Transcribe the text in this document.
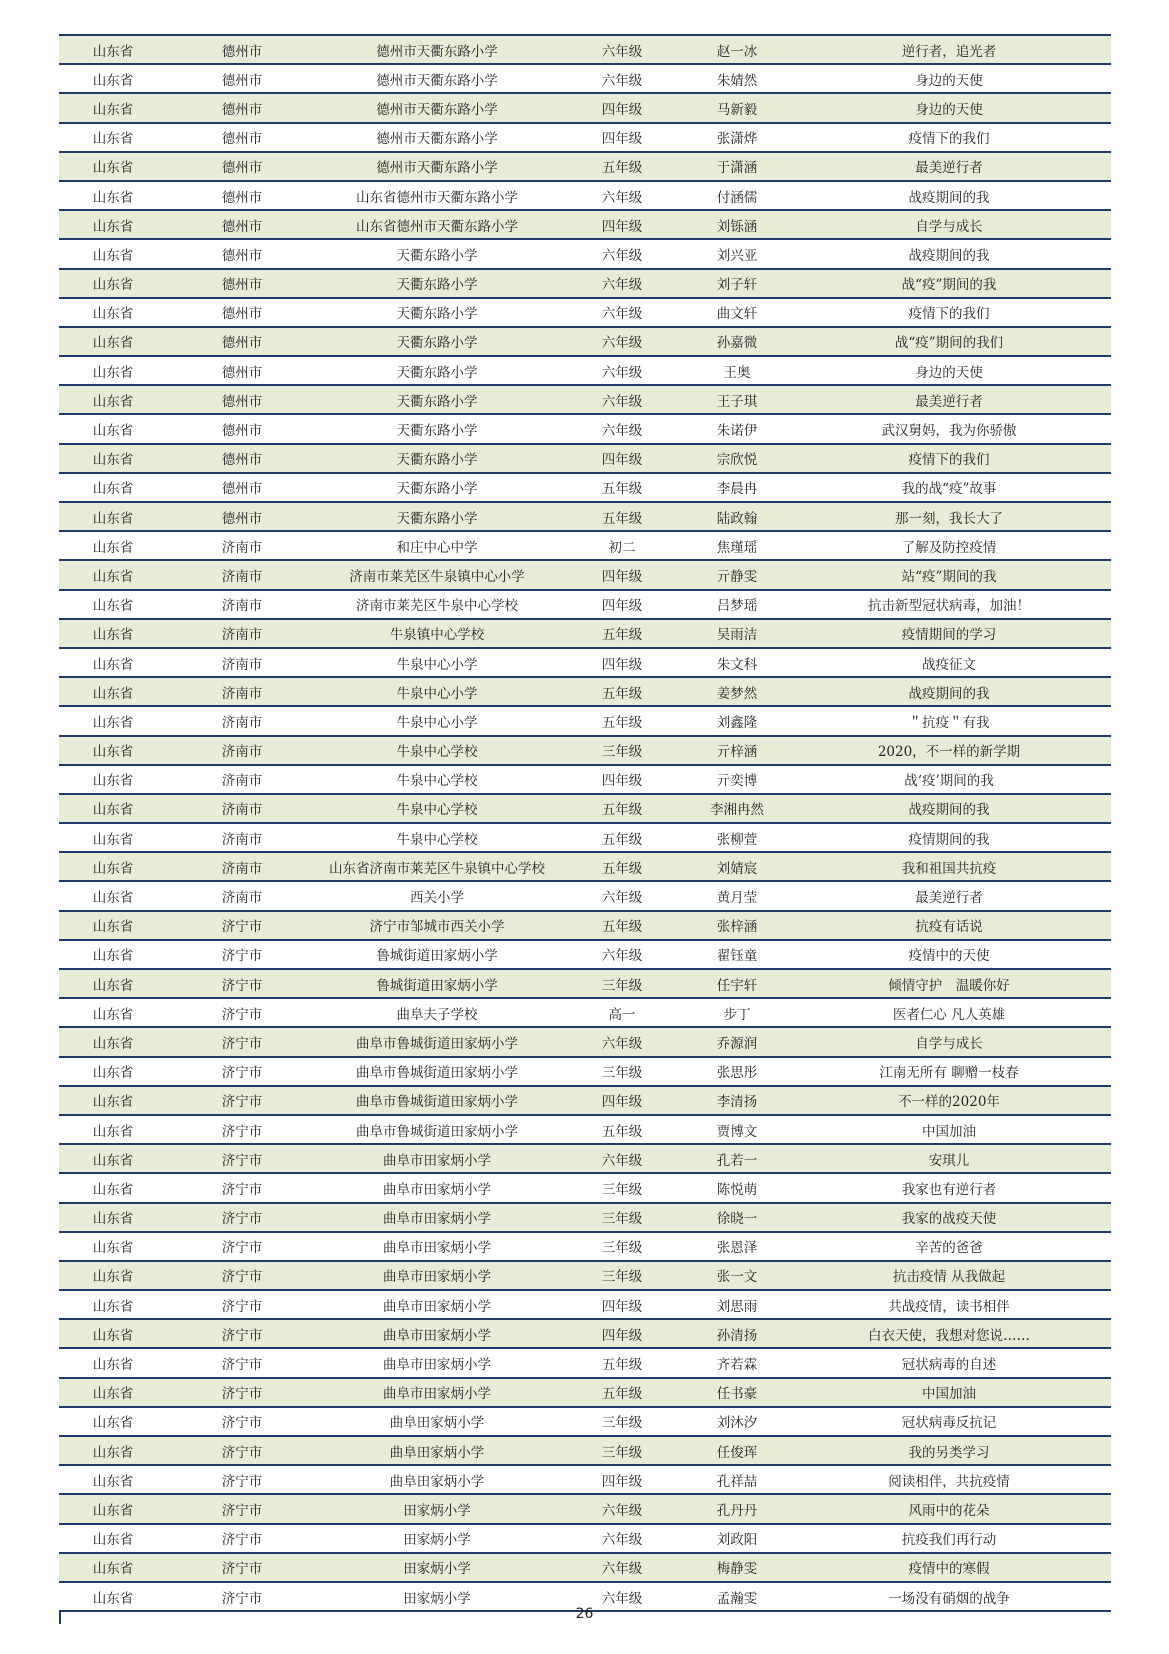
山东省	德州市	德州市天衢东路小学	六年级	赵一冰	逆行者，追光者
山东省	德州市	德州市天衢东路小学	六年级	朱婧然	身边的天使
山东省	德州市	德州市天衢东路小学	四年级	马新毅	身边的天使
山东省	德州市	德州市天衢东路小学	四年级	张潇烨	疫情下的我们
山东省	德州市	德州市天衢东路小学	五年级	于潇涵	最美逆行者
山东省	德州市	山东省德州市天衢东路小学	六年级	付涵儒	战疫期间的我
山东省	德州市	山东省德州市天衢东路小学	四年级	刘铄涵	自学与成长
山东省	德州市	天衢东路小学	六年级	刘兴亚	战疫期间的我
山东省	德州市	天衢东路小学	六年级	刘子轩	战“疫”期间的我
山东省	德州市	天衢东路小学	六年级	曲文轩	疫情下的我们
山东省	德州市	天衢东路小学	六年级	孙嘉微	战“疫”期间的我们
山东省	德州市	天衢东路小学	六年级	王奥	身边的天使
山东省	德州市	天衢东路小学	六年级	王子琪	最美逆行者
山东省	德州市	天衢东路小学	六年级	朱诺伊	武汉舅妈，我为你骄傲
山东省	德州市	天衢东路小学	四年级	宗欣悦	疫情下的我们
山东省	德州市	天衢东路小学	五年级	李晨冉	我的战“疫”故事
山东省	德州市	天衢东路小学	五年级	陆政翰	那一刻，我长大了
山东省	济南市	和庄中心中学	初二	焦瑾瑶	了解及防控疫情
山东省	济南市	济南市莱芜区牛泉镇中心小学	四年级	亓静雯	站“疫”期间的我
山东省	济南市	济南市莱芜区牛泉中心学校	四年级	吕梦瑶	抗击新型冠状病毒，加油！
山东省	济南市	牛泉镇中心学校	五年级	吴雨洁	疫情期间的学习
山东省	济南市	牛泉中心小学	四年级	朱文科	战疫征文
山东省	济南市	牛泉中心小学	五年级	姜梦然	战疫期间的我
山东省	济南市	牛泉中心小学	五年级	刘鑫隆	＂抗疫＂有我
山东省	济南市	牛泉中心学校	三年级	亓梓涵	2020，不一样的新学期
山东省	济南市	牛泉中心学校	四年级	亓奕博	战‘疫’期间的我
山东省	济南市	牛泉中心学校	五年级	李湘冉然	战疫期间的我
山东省	济南市	牛泉中心学校	五年级	张柳萱	疫情期间的我
山东省	济南市	山东省济南市莱芜区牛泉镇中心学校	五年级	刘婧宸	我和祖国共抗疫
山东省	济南市	西关小学	六年级	黄月莹	最美逆行者
山东省	济宁市	济宁市邹城市西关小学	五年级	张梓涵	抗疫有话说
山东省	济宁市	鲁城街道田家炳小学	六年级	翟钰童	疫情中的天使
山东省	济宁市	鲁城街道田家炳小学	三年级	任宇轩	倾情守护　温暖你好
山东省	济宁市	曲阜夫子学校	高一	步丁	医者仁心 凡人英雄
山东省	济宁市	曲阜市鲁城街道田家炳小学	六年级	乔源润	自学与成长
山东省	济宁市	曲阜市鲁城街道田家炳小学	三年级	张思彤	江南无所有 聊赠一枝春
山东省	济宁市	曲阜市鲁城街道田家炳小学	四年级	李清扬	不一样的2020年
山东省	济宁市	曲阜市鲁城街道田家炳小学	五年级	贾博文	中国加油
山东省	济宁市	曲阜市田家炳小学	六年级	孔若一	安琪儿
山东省	济宁市	曲阜市田家炳小学	三年级	陈悦萌	我家也有逆行者
山东省	济宁市	曲阜市田家炳小学	三年级	徐晓一	我家的战疫天使
山东省	济宁市	曲阜市田家炳小学	三年级	张恩泽	辛苦的爸爸
山东省	济宁市	曲阜市田家炳小学	三年级	张一文	抗击疫情 从我做起
山东省	济宁市	曲阜市田家炳小学	四年级	刘思雨	共战疫情，读书相伴
山东省	济宁市	曲阜市田家炳小学	四年级	孙清扬	白衣天使，我想对您说……
山东省	济宁市	曲阜市田家炳小学	五年级	齐若霖	冠状病毒的自述
山东省	济宁市	曲阜市田家炳小学	五年级	任书豪	中国加油
山东省	济宁市	曲阜田家炳小学	三年级	刘沐汐	冠状病毒反抗记
山东省	济宁市	曲阜田家炳小学	三年级	任俊珲	我的另类学习
山东省	济宁市	曲阜田家炳小学	四年级	孔祥喆	阅读相伴，共抗疫情
山东省	济宁市	田家炳小学	六年级	孔丹丹	风雨中的花朵
山东省	济宁市	田家炳小学	六年级	刘政阳	抗疫我们再行动
山东省	济宁市	田家炳小学	六年级	梅静雯	疫情中的寒假
山东省	济宁市	田家炳小学	六年级	孟瀚雯	一场没有硝烟的战争
26
